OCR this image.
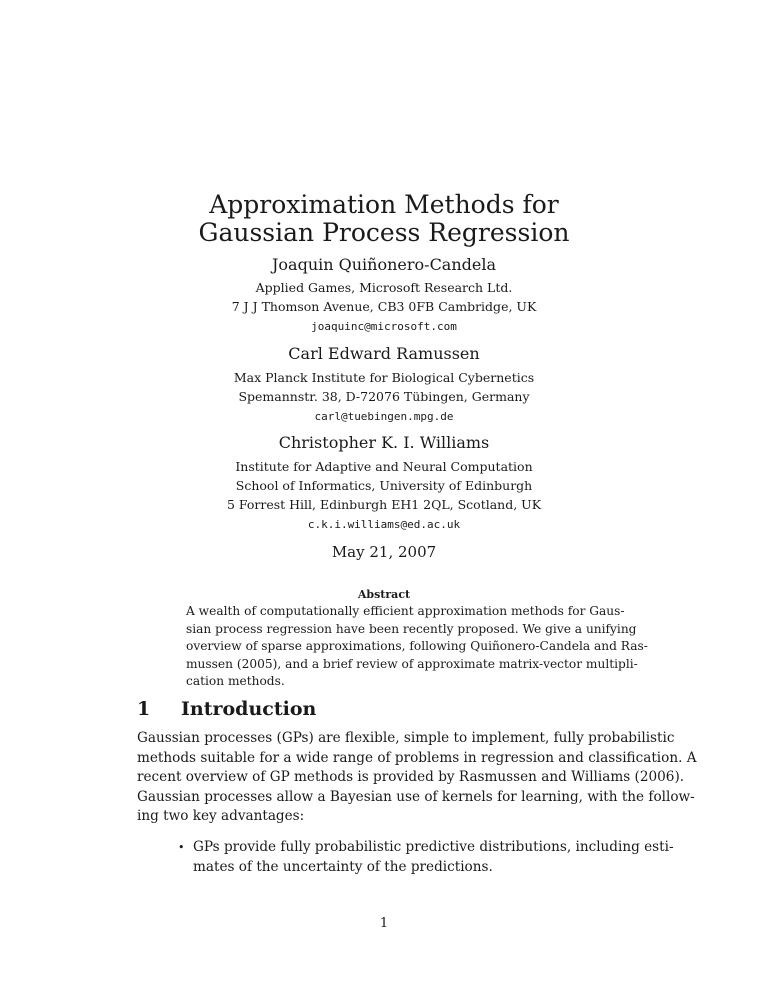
Approximation Methods for
Gaussian Process Regression
Joaquin Quiñonero-Candela
Applied Games, Microsoft Research Ltd.
7 J J Thomson Avenue, CB3 0FB Cambridge, UK
joaquinc@microsoft.com
Carl Edward Ramussen
Max Planck Institute for Biological Cybernetics
Spemannstr. 38, D-72076 Tübingen, Germany
carl@tuebingen.mpg.de
Christopher K. I. Williams
Institute for Adaptive and Neural Computation
School of Informatics, University of Edinburgh
5 Forrest Hill, Edinburgh EH1 2QL, Scotland, UK
c.k.i.williams@ed.ac.uk
May 21, 2007
Abstract
A wealth of computationally efficient approximation methods for Gaus-
sian process regression have been recently proposed. We give a unifying
overview of sparse approximations, following Quiñonero-Candela and Ras-
mussen (2005), and a brief review of approximate matrix-vector multipli-
cation methods.
1 Introduction
Gaussian processes (GPs) are flexible, simple to implement, fully probabilistic
methods suitable for a wide range of problems in regression and classification. A
recent overview of GP methods is provided by Rasmussen and Williams (2006).
Gaussian processes allow a Bayesian use of kernels for learning, with the follow-
ing two key advantages:
• GPs provide fully probabilistic predictive distributions, including esti-
mates of the uncertainty of the predictions.
1
